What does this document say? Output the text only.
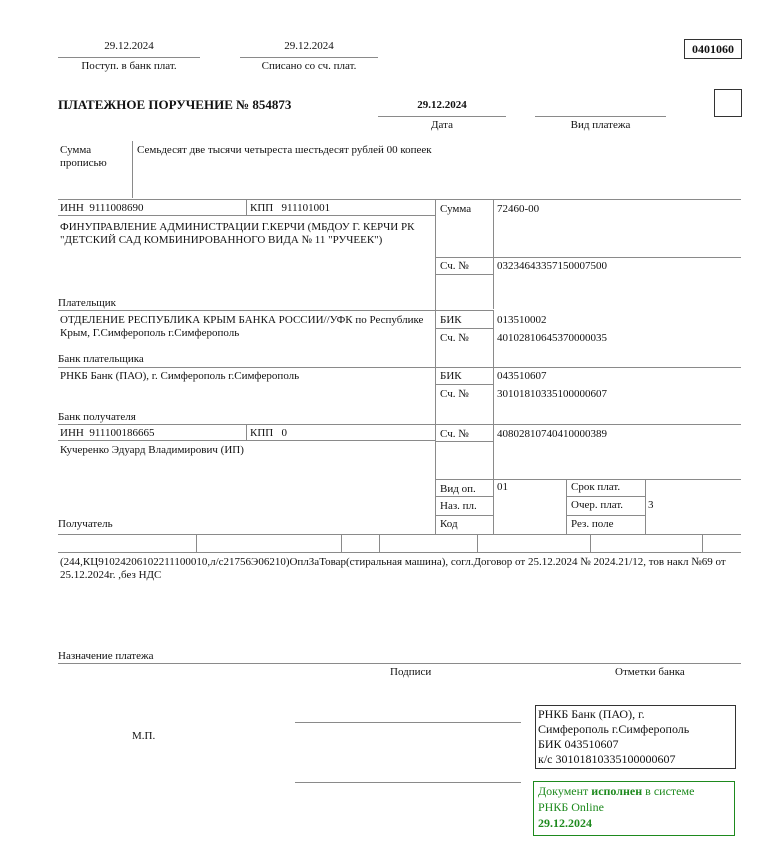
29.12.2024
Поступ. в банк плат.
29.12.2024
Списано со сч. плат.
0401060
ПЛАТЕЖНОЕ ПОРУЧЕНИЕ № 854873	29.12.2024
Дата	Вид платежа
Сумма прописью
Семьдесят две тысячи четыреста шестьдесят рублей 00 копеек
ИНН 9111008690	КПП 911101001
ФИНУПРАВЛЕНИЕ АДМИНИСТРАЦИИ Г.КЕРЧИ (МБДОУ Г. КЕРЧИ РК "ДЕТСКИЙ САД КОМБИНИРОВАННОГО ВИДА № 11 "РУЧЕЕК")
Плательщик
Сумма 72460-00
Сч. №	03234643357150007500
ОТДЕЛЕНИЕ РЕСПУБЛИКА КРЫМ БАНКА РОССИИ//УФК по Республике Крым, Г.Симферополь г.Симферополь
Банк плательщика
БИК	013510002
Сч. №	40102810645370000035
РНКБ Банк (ПАО), г. Симферополь г.Симферополь
Банк получателя
БИК	043510607
Сч. №	30101810335100000607
ИНН 911100186665	КПП 0
Кучеренко Эдуард Владимирович (ИП)
Получатель
Сч. №	40802810740410000389
Вид оп. 01
Наз. пл.
Код
Срок плат.
Очер. плат. 3
Рез. поле
(244,КЦ91024206102211100010,л/с21756Э06210)ОплЗаТовар(стиральная машина), согл.Договор от 25.12.2024 № 2024.21/12, тов накл №69 от 25.12.2024г. ,без НДС
Назначение платежа
Подписи	Отметки банка
М.П.
РНКБ Банк (ПАО), г.
Симферополь г.Симферополь
БИК 043510607
к/с 30101810335100000607
Документ исполнен в системе
РНКБ Online
29.12.2024
